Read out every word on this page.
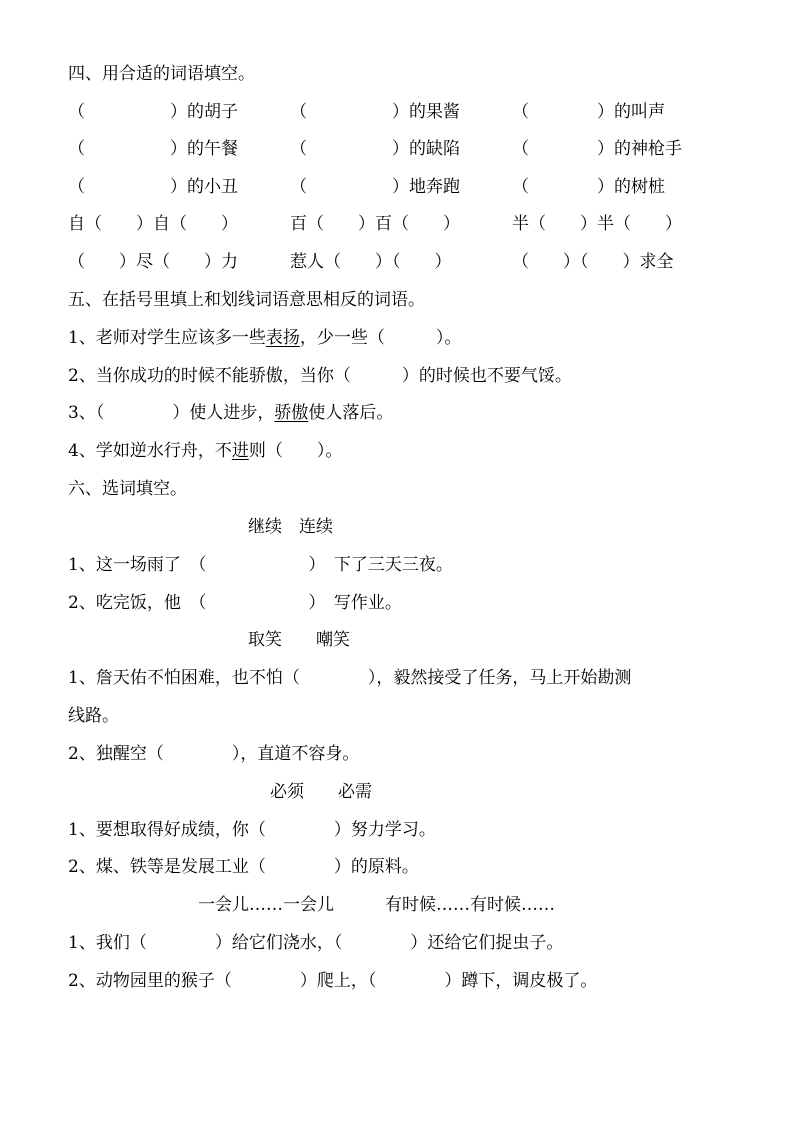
四、用合适的词语填空。
（　　　　　）的胡子	（　　　　　）的果酱	（　　　　）的叫声
（　　　　　）的午餐	（　　　　　）的缺陷	（　　　　）的神枪手
（　　　　　）的小丑	（　　　　　）地奔跑	（　　　　）的树桩
自（　　）自（　　）	百（　　）百（　　）	半（　　）半（　　）
（　　）尽（　　）力	惹人（　　）（　　）	（　　）（　　）求全
五、在括号里填上和划线词语意思相反的词语。
1、老师对学生应该多一些表扬，少一些（　　　）。
2、当你成功的时候不能骄傲，当你（　　　）的时候也不要气馁。
3、（　　　　）使人进步，骄傲使人落后。
4、学如逆水行舟，不进则（　　）。
六、选词填空。
继续　连续
1、这一场雨了　（　　　　　　）　下了三天三夜。
2、吃完饭，他　（　　　　　　）　写作业。
取笑　　嘲笑
1、詹天佑不怕困难，也不怕（　　　　），毅然接受了任务，马上开始勘测
线路。
2、独醒空（　　　　），直道不容身。
必须　　必需
1、要想取得好成绩，你（　　　　）努力学习。
2、煤、铁等是发展工业（　　　　）的原料。
一会儿……一会儿　　　有时候……有时候……
1、我们（　　　　）给它们浇水，（　　　　）还给它们捉虫子。
2、动物园里的猴子（　　　　）爬上，（　　　　）蹲下，调皮极了。
